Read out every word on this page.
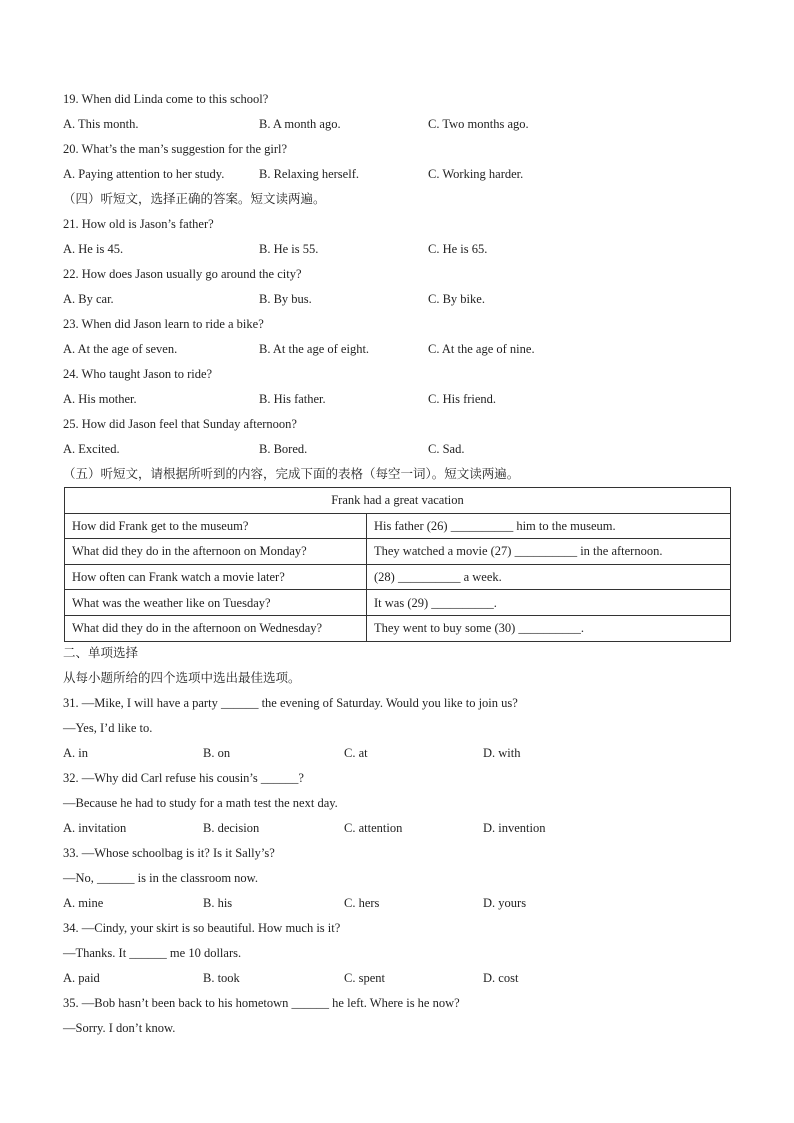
19. When did Linda come to this school?
A. This month.	B. A month ago.	C. Two months ago.
20. What’s the man’s suggestion for the girl?
A. Paying attention to her study.	B. Relaxing herself.	C. Working harder.
（四）听短文，选择正确的答案。短文读两遍。
21. How old is Jason’s father?
A. He is 45.	B. He is 55.	C. He is 65.
22. How does Jason usually go around the city?
A. By car.	B. By bus.	C. By bike.
23. When did Jason learn to ride a bike?
A. At the age of seven.	B. At the age of eight.	C. At the age of nine.
24. Who taught Jason to ride?
A. His mother.	B. His father.	C. His friend.
25. How did Jason feel that Sunday afternoon?
A. Excited.	B. Bored.	C. Sad.
（五）听短文，请根据所听到的内容，完成下面的表格（每空一词）。短文读两遍。
Frank had a great vacation	
How did Frank get to the museum?	His father (26) __________ him to the museum.
What did they do in the afternoon on Monday?	They watched a movie (27) __________ in the afternoon.
How often can Frank watch a movie later?	(28) __________ a week.
What was the weather like on Tuesday?	It was (29) __________.
What did they do in the afternoon on Wednesday?	They went to buy some (30) __________.
二、单项选择
从每小题所给的四个选项中选出最佳选项。
31. —Mike, I will have a party ______ the evening of Saturday. Would you like to join us?
—Yes, I’d like to.
A. in	B. on	C. at	D. with
32. —Why did Carl refuse his cousin’s ______?
—Because he had to study for a math test the next day.
A. invitation	B. decision	C. attention	D. invention
33. —Whose schoolbag is it? Is it Sally’s?
—No, ______ is in the classroom now.
A. mine	B. his	C. hers	D. yours
34. —Cindy, your skirt is so beautiful. How much is it?
—Thanks. It ______ me 10 dollars.
A. paid	B. took	C. spent	D. cost
35. —Bob hasn’t been back to his hometown ______ he left. Where is he now?
—Sorry. I don’t know.
